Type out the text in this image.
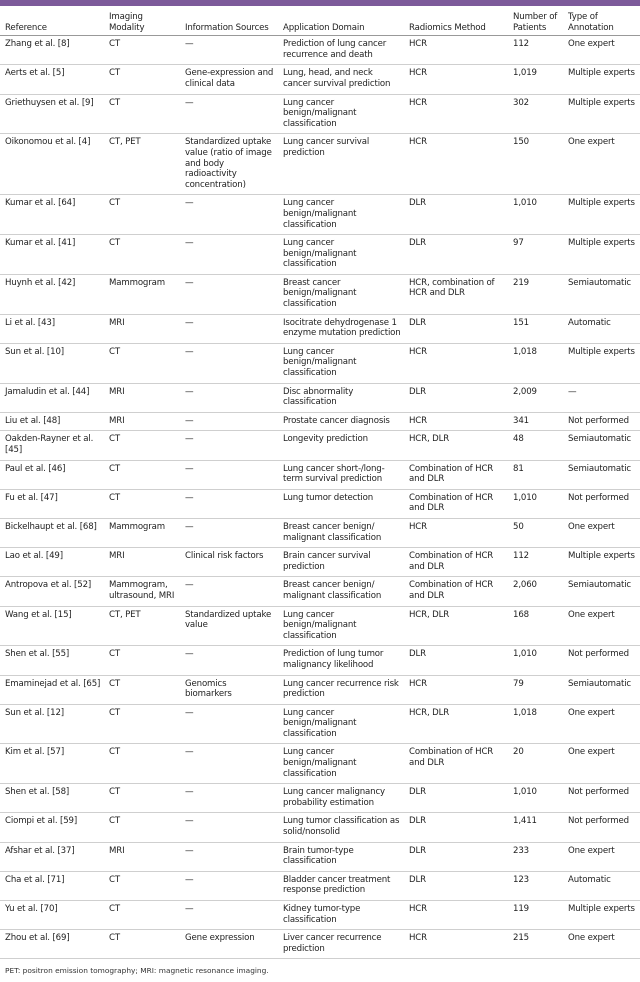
Reference	Imaging Modality	Information Sources	Application Domain	Radiomics Method	Number of Patients	Type of Annotation
Zhang et al. [8]	CT	—	Prediction of lung cancer recurrence and death	HCR	112	One expert
Aerts et al. [5]	CT	Gene-expression and clinical data	Lung, head, and neck cancer survival prediction	HCR	1,019	Multiple experts
Griethuysen et al. [9]	CT	—	Lung cancer benign/malignant classification	HCR	302	Multiple experts
Oikonomou et al. [4]	CT, PET	Standardized uptake value (ratio of image and body radioactivity concentration)	Lung cancer survival prediction	HCR	150	One expert
Kumar et al. [64]	CT	—	Lung cancer benign/malignant classification	DLR	1,010	Multiple experts
Kumar et al. [41]	CT	—	Lung cancer benign/malignant classification	DLR	97	Multiple experts
Huynh et al. [42]	Mammogram	—	Breast cancer benign/malignant classification	HCR, combination of HCR and DLR	219	Semiautomatic
Li et al. [43]	MRI	—	Isocitrate dehydrogenase 1 enzyme mutation prediction	DLR	151	Automatic
Sun et al. [10]	CT	—	Lung cancer benign/malignant classification	HCR	1,018	Multiple experts
Jamaludin et al. [44]	MRI	—	Disc abnormality classification	DLR	2,009	—
Liu et al. [48]	MRI	—	Prostate cancer diagnosis	HCR	341	Not performed
Oakden-Rayner et al. [45]	CT	—	Longevity prediction	HCR, DLR	48	Semiautomatic
Paul et al. [46]	CT	—	Lung cancer short-/long-term survival prediction	Combination of HCR and DLR	81	Semiautomatic
Fu et al. [47]	CT	—	Lung tumor detection	Combination of HCR and DLR	1,010	Not performed
Bickelhaupt et al. [68]	Mammogram	—	Breast cancer benign/ malignant classification	HCR	50	One expert
Lao et al. [49]	MRI	Clinical risk factors	Brain cancer survival prediction	Combination of HCR and DLR	112	Multiple experts
Antropova et al. [52]	Mammogram, ultrasound, MRI	—	Breast cancer benign/ malignant classification	Combination of HCR and DLR	2,060	Semiautomatic
Wang et al. [15]	CT, PET	Standardized uptake value	Lung cancer benign/malignant classification	HCR, DLR	168	One expert
Shen et al. [55]	CT	—	Prediction of lung tumor malignancy likelihood	DLR	1,010	Not performed
Emaminejad et al. [65]	CT	Genomics biomarkers	Lung cancer recurrence risk prediction	HCR	79	Semiautomatic
Sun et al. [12]	CT	—	Lung cancer benign/malignant classification	HCR, DLR	1,018	One expert
Kim et al. [57]	CT	—	Lung cancer benign/malignant classification	Combination of HCR and DLR	20	One expert
Shen et al. [58]	CT	—	Lung cancer malignancy probability estimation	DLR	1,010	Not performed
Ciompi et al. [59]	CT	—	Lung tumor classification as solid/nonsolid	DLR	1,411	Not performed
Afshar et al. [37]	MRI	—	Brain tumor-type classification	DLR	233	One expert
Cha et al. [71]	CT	—	Bladder cancer treatment response prediction	DLR	123	Automatic
Yu et al. [70]	CT	—	Kidney tumor-type classification	HCR	119	Multiple experts
Zhou et al. [69]	CT	Gene expression	Liver cancer recurrence prediction	HCR	215	One expert
PET: positron emission tomography; MRI: magnetic resonance imaging.
